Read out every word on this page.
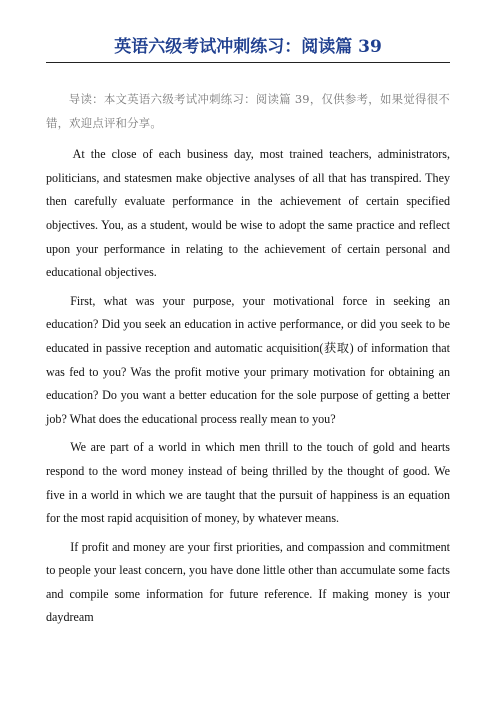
英语六级考试冲刺练习：阅读篇 39

导读：本文英语六级考试冲刺练习：阅读篇 39，仅供参考，如果觉得很不错，欢迎点评和分享。

At the close of each business day, most trained teachers, administrators, politicians, and statesmen make objective analyses of all that has transpired. They then carefully evaluate performance in the achievement of certain specified objectives. You, as a student, would be wise to adopt the same practice and reflect upon your performance in relating to the achievement of certain personal and educational objectives.

First, what was your purpose, your motivational force in seeking an education? Did you seek an education in active performance, or did you seek to be educated in passive reception and automatic acquisition(获取) of information that was fed to you? Was the profit motive your primary motivation for obtaining an education? Do you want a better education for the sole purpose of getting a better job? What does the educational process really mean to you?

We are part of a world in which men thrill to the touch of gold and hearts respond to the word money instead of being thrilled by the thought of good. We five in a world in which we are taught that the pursuit of happiness is an equation for the most rapid acquisition of money, by whatever means.

If profit and money are your first priorities, and compassion and commitment to people your least concern, you have done little other than accumulate some facts and compile some information for future reference. If making money is your daydream
